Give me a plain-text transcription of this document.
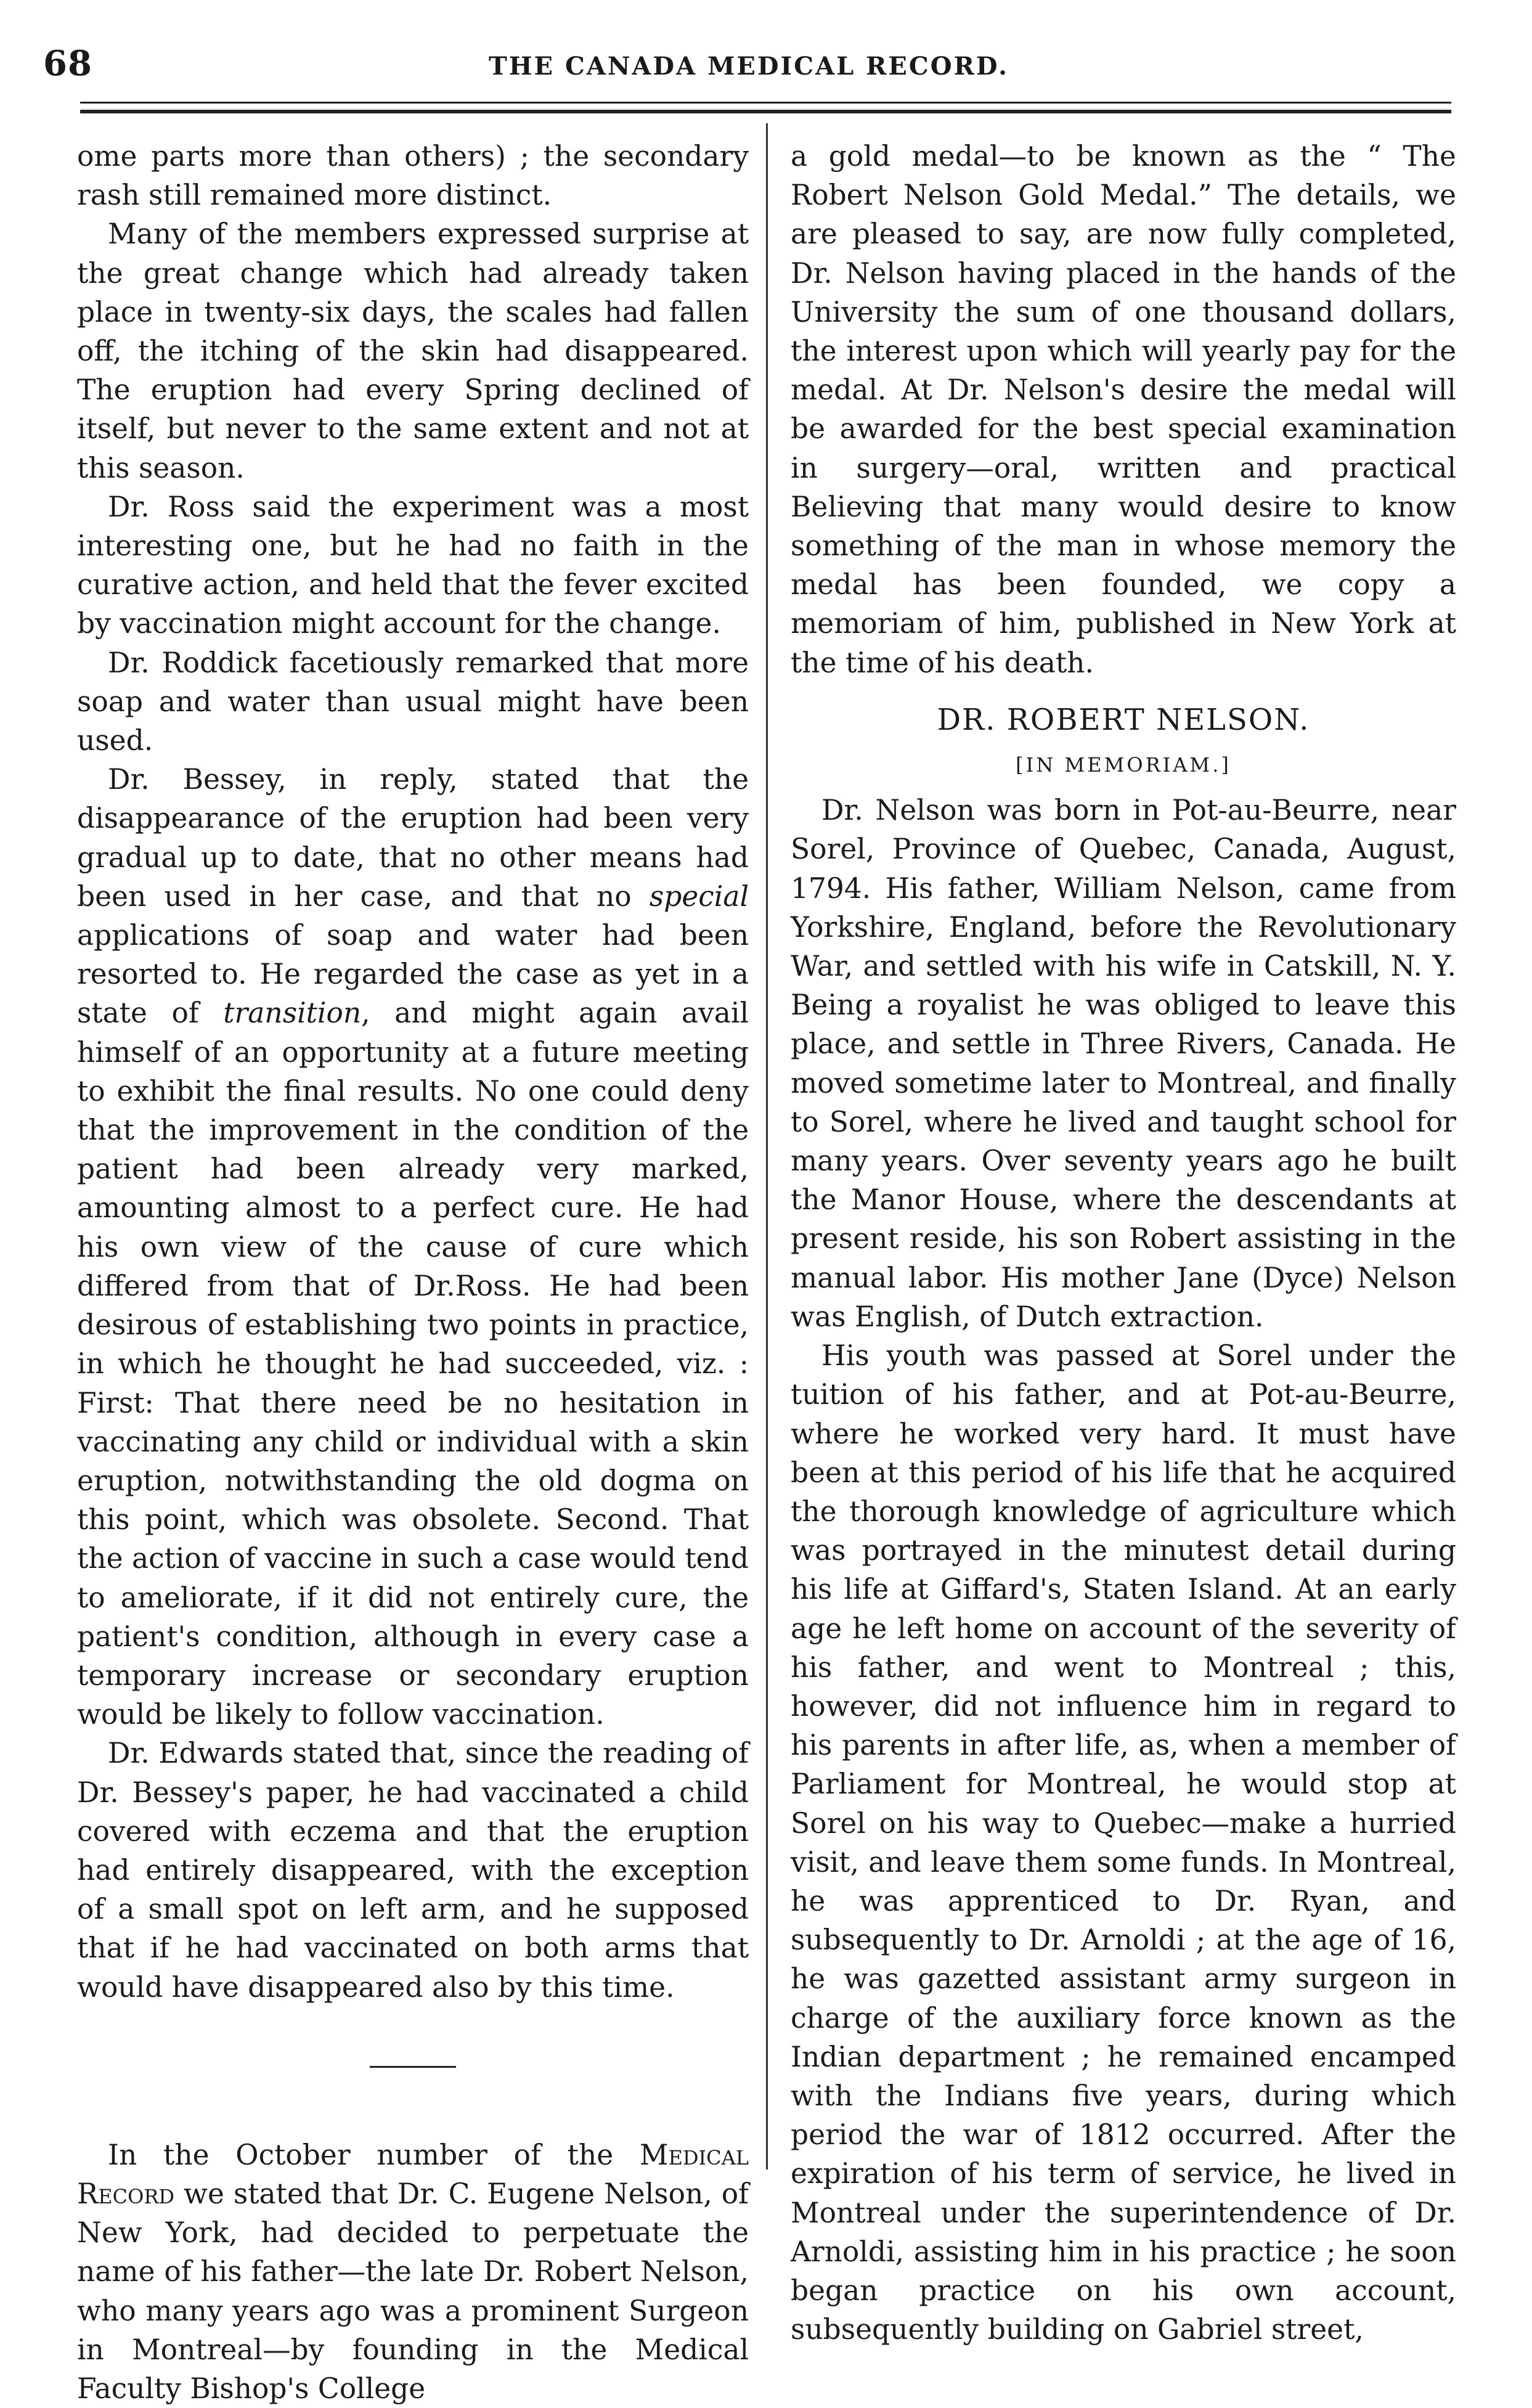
68	THE CANADA MEDICAL RECORD.

ome parts more than others) ; the secondary rash still remained more distinct.

Many of the members expressed surprise at the great change which had already taken place in twenty-six days, the scales had fallen off, the itching of the skin had disappeared. The eruption had every Spring declined of itself, but never to the same extent and not at this season.

Dr. Ross said the experiment was a most interesting one, but he had no faith in the curative action, and held that the fever excited by vaccination might account for the change.

Dr. Roddick facetiously remarked that more soap and water than usual might have been used.

Dr. Bessey, in reply, stated that the disappearance of the eruption had been very gradual up to date, that no other means had been used in her case, and that no special applications of soap and water had been resorted to. He regarded the case as yet in a state of transition, and might again avail himself of an opportunity at a future meeting to exhibit the final results. No one could deny that the improvement in the condition of the patient had been already very marked, amounting almost to a perfect cure. He had his own view of the cause of cure which differed from that of Dr.Ross. He had been desirous of establishing two points in practice, in which he thought he had succeeded, viz. : First: That there need be no hesitation in vaccinating any child or individual with a skin eruption, notwithstanding the old dogma on this point, which was obsolete. Second. That the action of vaccine in such a case would tend to ameliorate, if it did not entirely cure, the patient's condition, although in every case a temporary increase or secondary eruption would be likely to follow vaccination.

Dr. Edwards stated that, since the reading of Dr. Bessey's paper, he had vaccinated a child covered with eczema and that the eruption had entirely disappeared, with the exception of a small spot on left arm, and he supposed that if he had vaccinated on both arms that would have disappeared also by this time.

In the October number of the Medical Record we stated that Dr. C. Eugene Nelson, of New York, had decided to perpetuate the name of his father—the late Dr. Robert Nelson, who many years ago was a prominent Surgeon in Montreal—by founding in the Medical Faculty Bishop's College

a gold medal—to be known as the “ The Robert Nelson Gold Medal.” The details, we are pleased to say, are now fully completed, Dr. Nelson having placed in the hands of the University the sum of one thousand dollars, the interest upon which will yearly pay for the medal. At Dr. Nelson's desire the medal will be awarded for the best special examination in surgery—oral, written and practical Believing that many would desire to know something of the man in whose memory the medal has been founded, we copy a memoriam of him, published in New York at the time of his death.

DR. ROBERT NELSON.
[IN MEMORIAM.]

Dr. Nelson was born in Pot-au-Beurre, near Sorel, Province of Quebec, Canada, August, 1794. His father, William Nelson, came from Yorkshire, England, before the Revolutionary War, and settled with his wife in Catskill, N. Y. Being a royalist he was obliged to leave this place, and settle in Three Rivers, Canada. He moved sometime later to Montreal, and finally to Sorel, where he lived and taught school for many years. Over seventy years ago he built the Manor House, where the descendants at present reside, his son Robert assisting in the manual labor. His mother Jane (Dyce) Nelson was English, of Dutch extraction.

His youth was passed at Sorel under the tuition of his father, and at Pot-au-Beurre, where he worked very hard. It must have been at this period of his life that he acquired the thorough knowledge of agriculture which was portrayed in the minutest detail during his life at Giffard's, Staten Island. At an early age he left home on account of the severity of his father, and went to Montreal ; this, however, did not influence him in regard to his parents in after life, as, when a member of Parliament for Montreal, he would stop at Sorel on his way to Quebec—make a hurried visit, and leave them some funds. In Montreal, he was apprenticed to Dr. Ryan, and subsequently to Dr. Arnoldi ; at the age of 16, he was gazetted assistant army surgeon in charge of the auxiliary force known as the Indian department ; he remained encamped with the Indians five years, during which period the war of 1812 occurred. After the expiration of his term of service, he lived in Montreal under the superintendence of Dr. Arnoldi, assisting him in his practice ; he soon began practice on his own account, subsequently building on Gabriel street,
